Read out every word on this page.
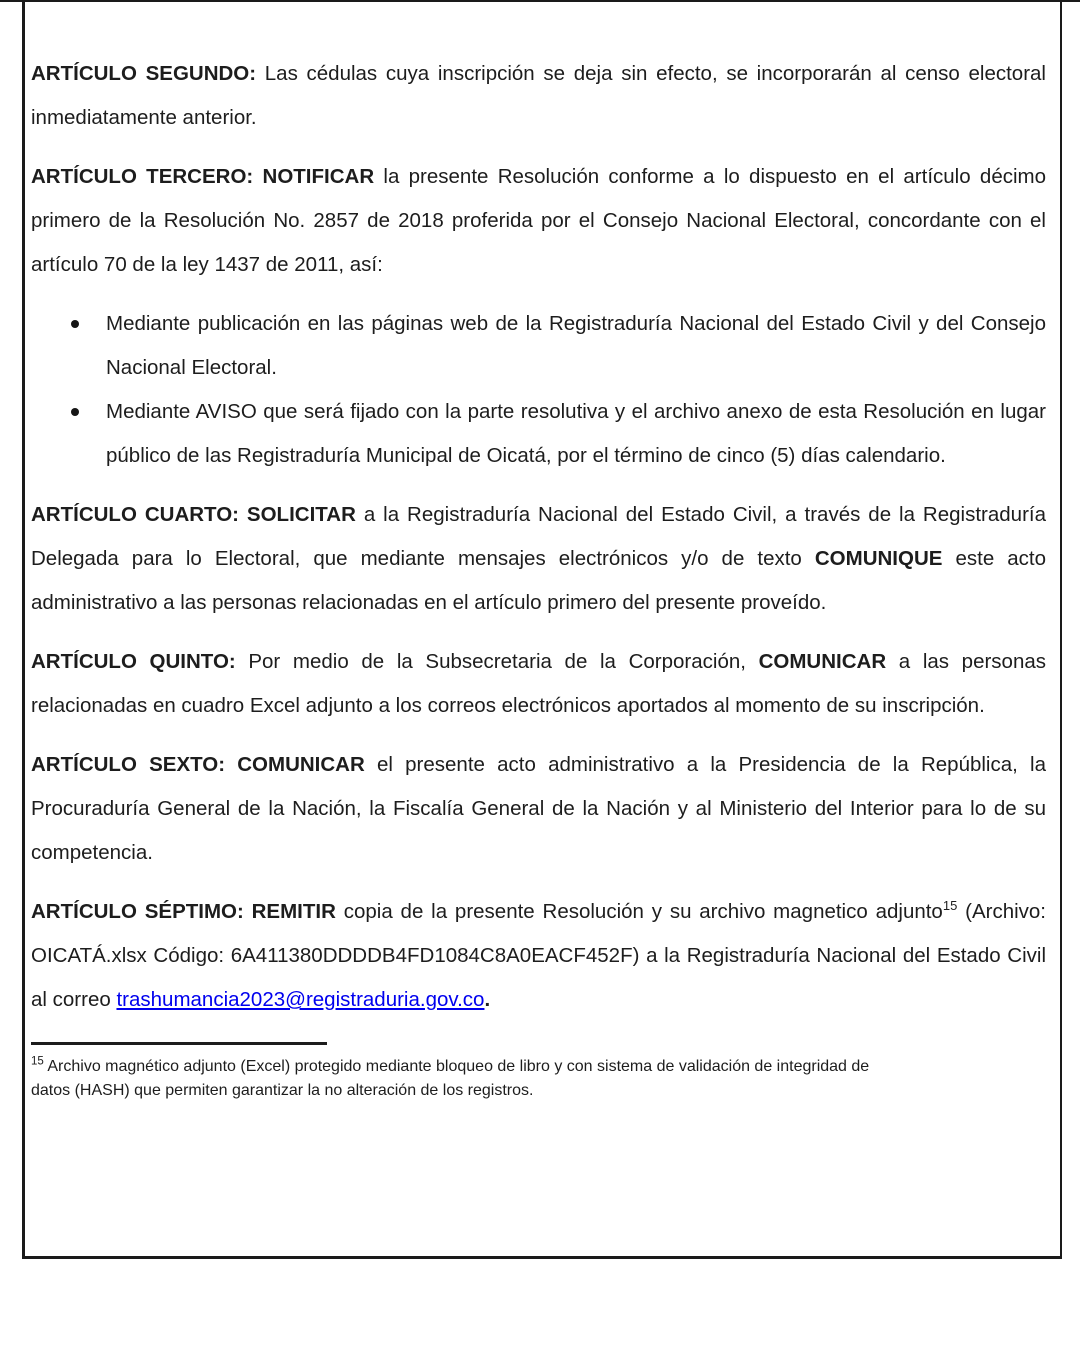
ARTÍCULO SEGUNDO: Las cédulas cuya inscripción se deja sin efecto, se incorporarán al censo electoral inmediatamente anterior.

ARTÍCULO TERCERO: NOTIFICAR la presente Resolución conforme a lo dispuesto en el artículo décimo primero de la Resolución No. 2857 de 2018 proferida por el Consejo Nacional Electoral, concordante con el artículo 70 de la ley 1437 de 2011, así:

Mediante publicación en las páginas web de la Registraduría Nacional del Estado Civil y del Consejo Nacional Electoral.
Mediante AVISO que será fijado con la parte resolutiva y el archivo anexo de esta Resolución en lugar público de las Registraduría Municipal de Oicatá, por el término de cinco (5) días calendario.

ARTÍCULO CUARTO: SOLICITAR a la Registraduría Nacional del Estado Civil, a través de la Registraduría Delegada para lo Electoral, que mediante mensajes electrónicos y/o de texto COMUNIQUE este acto administrativo a las personas relacionadas en el artículo primero del presente proveído.

ARTÍCULO QUINTO: Por medio de la Subsecretaria de la Corporación, COMUNICAR a las personas relacionadas en cuadro Excel adjunto a los correos electrónicos aportados al momento de su inscripción.

ARTÍCULO SEXTO: COMUNICAR el presente acto administrativo a la Presidencia de la República, la Procuraduría General de la Nación, la Fiscalía General de la Nación y al Ministerio del Interior para lo de su competencia.

ARTÍCULO SÉPTIMO: REMITIR copia de la presente Resolución y su archivo magnetico adjunto$^{15}$ (Archivo: OICATÁ.xlsx Código: 6A411380DDDDB4FD1084C8A0EACF452F) a la Registraduría Nacional del Estado Civil al correo trashumancia2023@registraduria.gov.co.

$^{15}$ Archivo magnético adjunto (Excel) protegido mediante bloqueo de libro y con sistema de validación de integridad de
datos (HASH) que permiten garantizar la no alteración de los registros.
